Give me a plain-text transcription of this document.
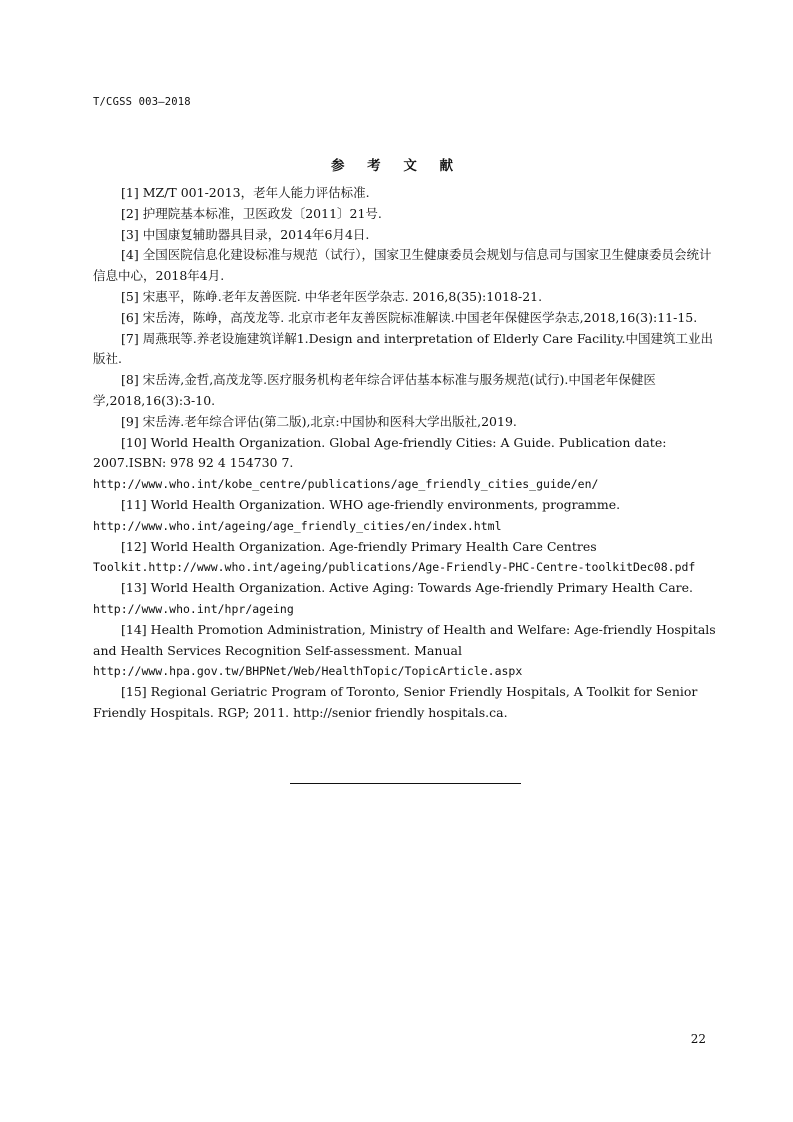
T/CGSS 003—2018
参 考 文 献

[1] MZ/T 001-2013，老年人能力评估标准.

[2] 护理院基本标准，卫医政发〔2011〕21号.

[3] 中国康复辅助器具目录，2014年6月4日.

[4] 全国医院信息化建设标准与规范（试行），国家卫生健康委员会规划与信息司与国家卫生健康委员会统计信息中心，2018年4月.

[5] 宋惠平，陈峥.老年友善医院. 中华老年医学杂志. 2016,8(35):1018-21.

[6] 宋岳涛，陈峥，高茂龙等. 北京市老年友善医院标准解读.中国老年保健医学杂志,2018,16(3):11-15.

[7] 周燕珉等.养老设施建筑详解1.Design and interpretation of Elderly Care Facility.中国建筑工业出版社.

[8] 宋岳涛,金哲,高茂龙等.医疗服务机构老年综合评估基本标准与服务规范(试行).中国老年保健医学,2018,16(3):3-10.

[9] 宋岳涛.老年综合评估(第二版),北京:中国协和医科大学出版社,2019.

[10] World Health Organization. Global Age-friendly Cities: A Guide. Publication date: 2007.ISBN: 978 92 4 154730 7.
http://www.who.int/kobe_centre/publications/age_friendly_cities_guide/en/

[11] World Health Organization. WHO age-friendly environments, programme.
http://www.who.int/ageing/age_friendly_cities/en/index.html

[12] World Health Organization. Age-friendly Primary Health Care Centres
Toolkit.http://www.who.int/ageing/publications/Age-Friendly-PHC-Centre-toolkitDec08.pdf

[13] World Health Organization. Active Aging: Towards Age-friendly Primary Health Care.
http://www.who.int/hpr/ageing

[14] Health Promotion Administration, Ministry of Health and Welfare: Age-friendly Hospitals and Health Services Recognition Self-assessment. Manual
http://www.hpa.gov.tw/BHPNet/Web/HealthTopic/TopicArticle.aspx

[15] Regional Geriatric Program of Toronto, Senior Friendly Hospitals, A Toolkit for Senior Friendly Hospitals. RGP; 2011. http://senior friendly hospitals.ca.

22
